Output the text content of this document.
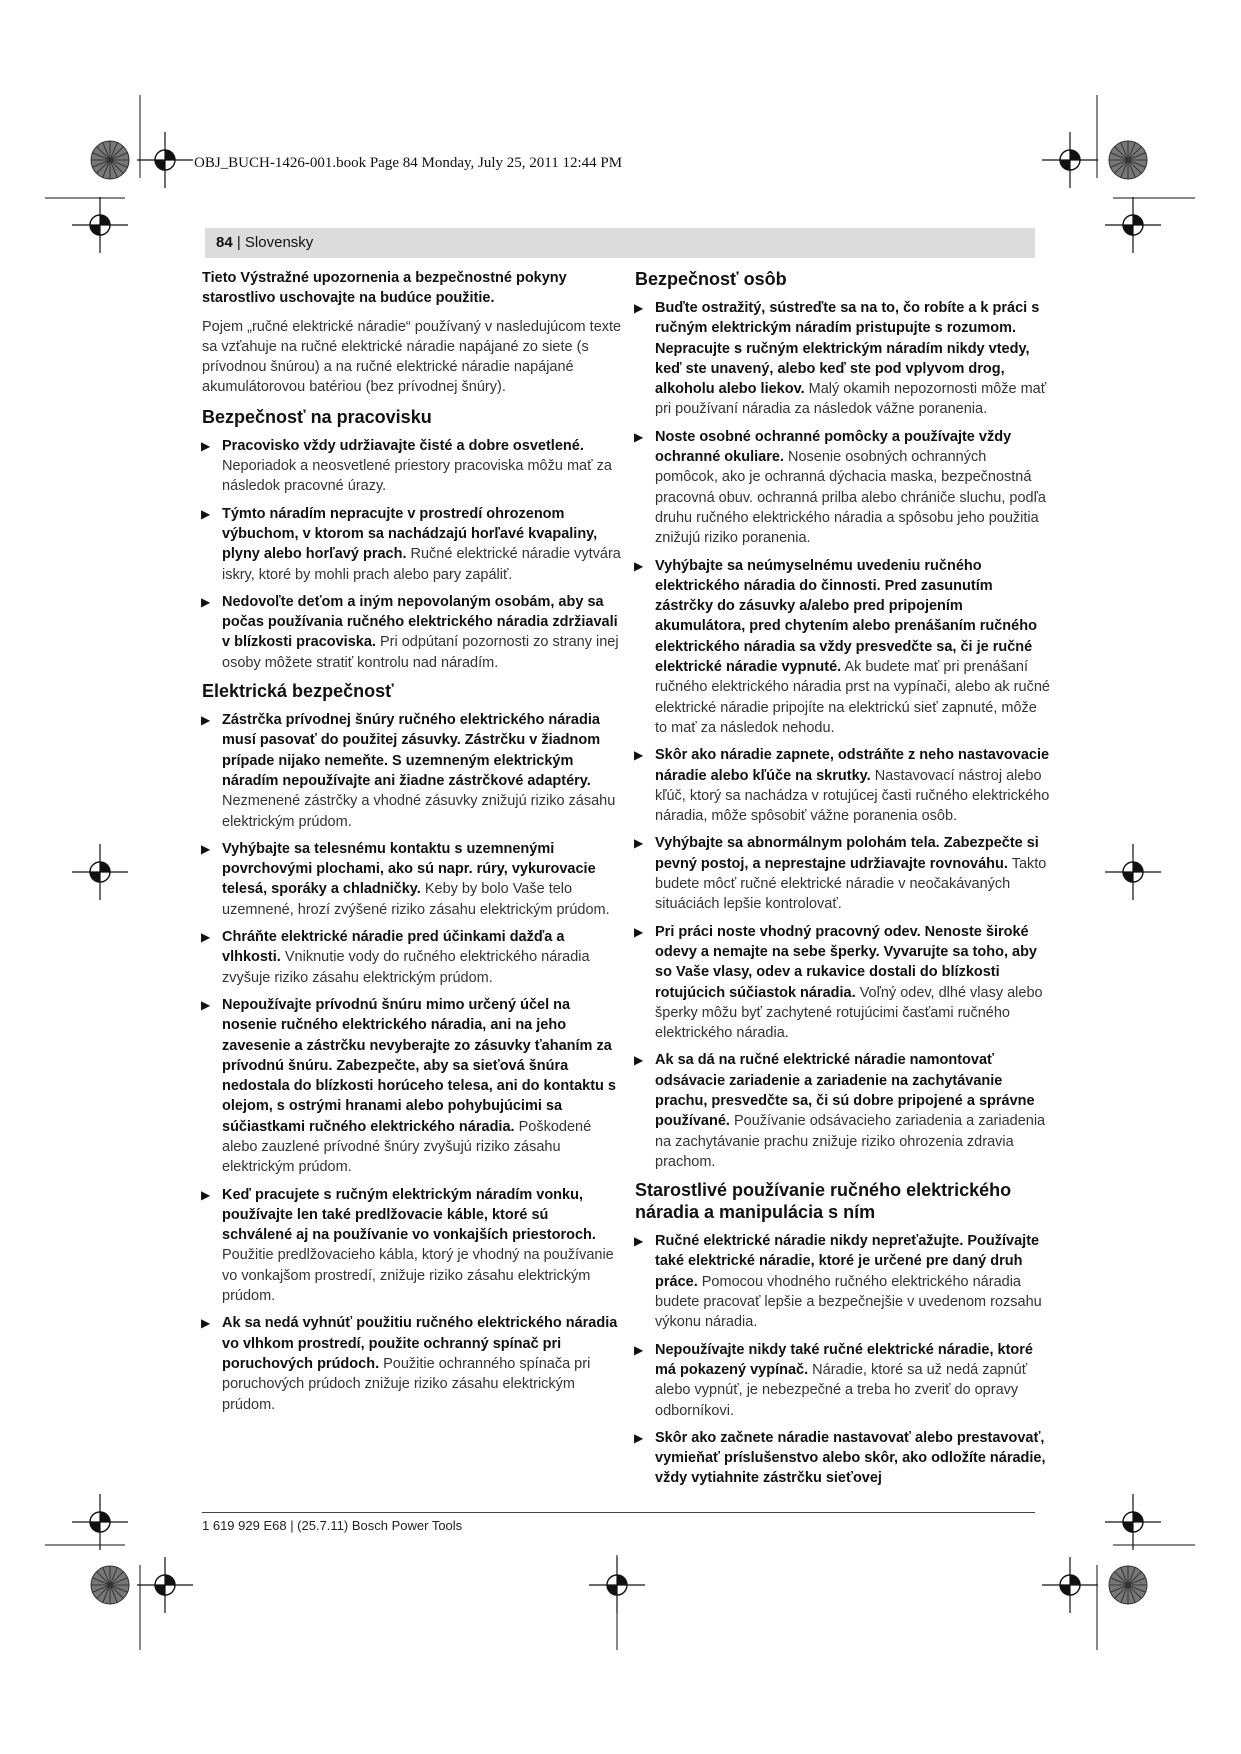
OBJ_BUCH-1426-001.book Page 84 Monday, July 25, 2011 12:44 PM
84 | Slovensky

Tieto Výstražné upozornenia a bezpečnostné pokyny starostlivo uschovajte na budúce použitie.

Pojem „ručné elektrické náradie“ používaný v nasledujúcom texte sa vzťahuje na ručné elektrické náradie napájané zo siete (s prívodnou šnúrou) a na ručné elektrické náradie napájané akumulátorovou batériou (bez prívodnej šnúry).

Bezpečnosť na pracovisku
▶ Pracovisko vždy udržiavajte čisté a dobre osvetlené. Neporiadok a neosvetlené priestory pracoviska môžu mať za následok pracovné úrazy.
▶ Týmto náradím nepracujte v prostredí ohrozenom výbuchom, v ktorom sa nachádzajú horľavé kvapaliny, plyny alebo horľavý prach. Ručné elektrické náradie vytvára iskry, ktoré by mohli prach alebo pary zapáliť.
▶ Nedovoľte deťom a iným nepovolaným osobám, aby sa počas používania ručného elektrického náradia zdržiavali v blízkosti pracoviska. Pri odpútaní pozornosti zo strany inej osoby môžete stratiť kontrolu nad náradím.
Elektrická bezpečnosť
▶ Zástrčka prívodnej šnúry ručného elektrického náradia musí pasovať do použitej zásuvky. Zástrčku v žiadnom prípade nijako nemeňte. S uzemneným elektrickým náradím nepoužívajte ani žiadne zástrčkové adaptéry. Nezmenené zástrčky a vhodné zásuvky znižujú riziko zásahu elektrickým prúdom.
▶ Vyhýbajte sa telesnému kontaktu s uzemnenými povrchovými plochami, ako sú napr. rúry, vykurovacie telesá, sporáky a chladničky. Keby by bolo Vaše telo uzemnené, hrozí zvýšené riziko zásahu elektrickým prúdom.
▶ Chráňte elektrické náradie pred účinkami dažďa a vlhkosti. Vniknutie vody do ručného elektrického náradia zvyšuje riziko zásahu elektrickým prúdom.
▶ Nepoužívajte prívodnú šnúru mimo určený účel na nosenie ručného elektrického náradia, ani na jeho zavesenie a zástrčku nevyberajte zo zásuvky ťahaním za prívodnú šnúru. Zabezpečte, aby sa sieťová šnúra nedostala do blízkosti horúceho telesa, ani do kontaktu s olejom, s ostrými hranami alebo pohybujúcimi sa súčiastkami ručného elektrického náradia. Poškodené alebo zauzlené prívodné šnúry zvyšujú riziko zásahu elektrickým prúdom.
▶ Keď pracujete s ručným elektrickým náradím vonku, používajte len také predlžovacie káble, ktoré sú schválené aj na používanie vo vonkajších priestoroch. Použitie predlžovacieho kábla, ktorý je vhodný na používanie vo vonkajšom prostredí, znižuje riziko zásahu elektrickým prúdom.
▶ Ak sa nedá vyhnúť použitiu ručného elektrického náradia vo vlhkom prostredí, použite ochranný spínač pri poruchových prúdoch. Použitie ochranného spínača pri poruchových prúdoch znižuje riziko zásahu elektrickým prúdom.
Bezpečnosť osôb
▶ Buďte ostražitý, sústreďte sa na to, čo robíte a k práci s ručným elektrickým náradím pristupujte s rozumom. Nepracujte s ručným elektrickým náradím nikdy vtedy, keď ste unavený, alebo keď ste pod vplyvom drog, alkoholu alebo liekov. Malý okamih nepozornosti môže mať pri používaní náradia za následok vážne poranenia.
▶ Noste osobné ochranné pomôcky a používajte vždy ochranné okuliare. Nosenie osobných ochranných pomôcok, ako je ochranná dýchacia maska, bezpečnostná pracovná obuv. ochranná prilba alebo chrániče sluchu, podľa druhu ručného elektrického náradia a spôsobu jeho použitia znižujú riziko poranenia.
▶ Vyhýbajte sa neúmyselnému uvedeniu ručného elektrického náradia do činnosti. Pred zasunutím zástrčky do zásuvky a/alebo pred pripojením akumulátora, pred chytením alebo prenášaním ručného elektrického náradia sa vždy presvedčte sa, či je ručné elektrické náradie vypnuté. Ak budete mať pri prenášaní ručného elektrického náradia prst na vypínači, alebo ak ručné elektrické náradie pripojíte na elektrickú sieť zapnuté, môže to mať za následok nehodu.
▶ Skôr ako náradie zapnete, odstráňte z neho nastavovacie náradie alebo kľúče na skrutky. Nastavovací nástroj alebo kľúč, ktorý sa nachádza v rotujúcej časti ručného elektrického náradia, môže spôsobiť vážne poranenia osôb.
▶ Vyhýbajte sa abnormálnym polohám tela. Zabezpečte si pevný postoj, a neprestajne udržiavajte rovnováhu. Takto budete môcť ručné elektrické náradie v neočakávaných situáciách lepšie kontrolovať.
▶ Pri práci noste vhodný pracovný odev. Nenoste široké odevy a nemajte na sebe šperky. Vyvarujte sa toho, aby so Vaše vlasy, odev a rukavice dostali do blízkosti rotujúcich súčiastok náradia. Voľný odev, dlhé vlasy alebo šperky môžu byť zachytené rotujúcimi časťami ručného elektrického náradia.
▶ Ak sa dá na ručné elektrické náradie namontovať odsávacie zariadenie a zariadenie na zachytávanie prachu, presvedčte sa, či sú dobre pripojené a správne používané. Používanie odsávacieho zariadenia a zariadenia na zachytávanie prachu znižuje riziko ohrozenia zdravia prachom.
Starostlivé používanie ručného elektrického náradia a manipulácia s ním
▶ Ručné elektrické náradie nikdy nepreťažujte. Používajte také elektrické náradie, ktoré je určené pre daný druh práce. Pomocou vhodného ručného elektrického náradia budete pracovať lepšie a bezpečnejšie v uvedenom rozsahu výkonu náradia.
▶ Nepoužívajte nikdy také ručné elektrické náradie, ktoré má pokazený vypínač. Náradie, ktoré sa už nedá zapnúť alebo vypnúť, je nebezpečné a treba ho zveriť do opravy odborníkovi.
▶ Skôr ako začnete náradie nastavovať alebo prestavovať, vymieňať príslušenstvo alebo skôr, ako odložíte náradie, vždy vytiahnite zástrčku sieťovej
1 619 929 E68 | (25.7.11) Bosch Power Tools
